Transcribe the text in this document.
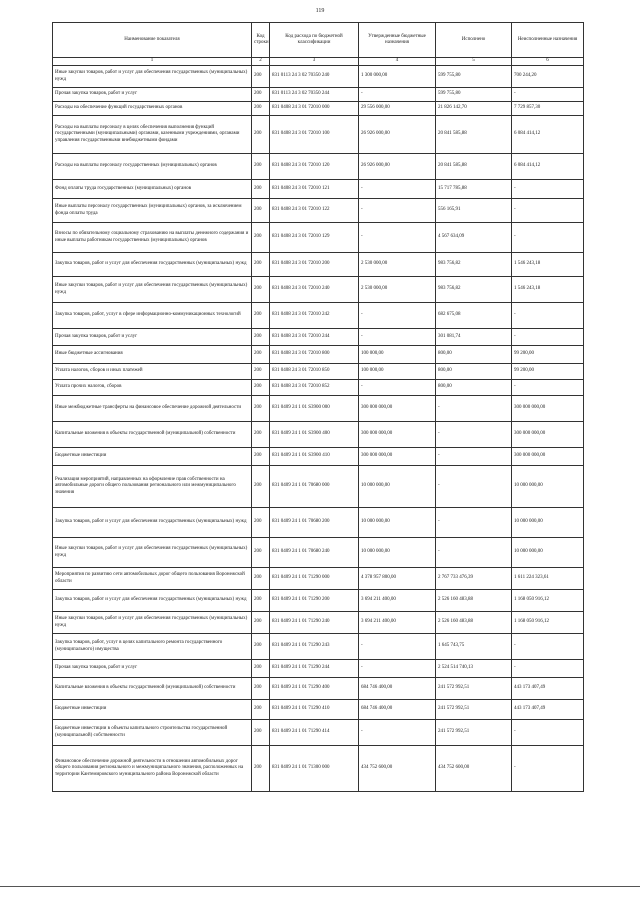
119
Наименование показателя	Код строки	Код расхода по бюджетной классификации	Утвержденные бюджетные назначения	Исполнено	Неисполненные назначения
1	2	3	4	5	6
Иные закупки товаров, работ и услуг для обеспечения государственных (муниципальных) нужд	200	831 0113 24 3 02 70350 240	1 300 000,00	599 755,80	700 244,20
Прочая закупка товаров, работ и услуг	200	831 0113 24 3 02 70350 244	-	599 755,80	-
Расходы на обеспечение функций государственных органов	200	831 0408 24 3 01 72010 000	29 556 000,00	21 826 142,70	7 729 857,30
Расходы на выплаты персоналу в целях обеспечения выполнения функций государственными (муниципальными) органами, казенными учреждениями, органами управления государственными внебюджетными фондами	200	831 0408 24 3 01 72010 100	26 926 000,00	20 841 585,88	6 084 414,12
Расходы на выплаты персоналу государственных (муниципальных) органов	200	831 0408 24 3 01 72010 120	26 926 000,00	20 841 585,88	6 084 414,12
Фонд оплаты труда государственных (муниципальных) органов	200	831 0408 24 3 01 72010 121	-	15 717 785,88	-
Иные выплаты персоналу государственных (муниципальных) органов, за исключением фонда оплаты труда	200	831 0408 24 3 01 72010 122	-	556 165,91	-
Взносы по обязательному социальному страхованию на выплаты денежного содержания и иные выплаты работникам государственных (муниципальных) органов	200	831 0408 24 3 01 72010 129	-	4 567 634,09	-
Закупка товаров, работ и услуг для обеспечения государственных (муниципальных) нужд	200	831 0408 24 3 01 72010 200	2 530 000,00	983 756,82	1 546 243,18
Иные закупки товаров, работ и услуг для обеспечения государственных (муниципальных) нужд	200	831 0408 24 3 01 72010 240	2 530 000,00	983 756,82	1 546 243,18
Закупка товаров, работ, услуг в сфере информационно-коммуникационных технологий	200	831 0408 24 3 01 72010 242	-	682 675,08	-
Прочая закупка товаров, работ и услуг	200	831 0408 24 3 01 72010 244	-	301 081,74	-
Иные бюджетные ассигнования	200	831 0408 24 3 01 72010 800	100 000,00	800,00	99 200,00
Уплата налогов, сборов и иных платежей	200	831 0408 24 3 01 72010 850	100 000,00	800,00	99 200,00
Уплата прочих налогов, сборов	200	831 0408 24 3 01 72010 852	-	800,00	-
Иные межбюджетные трансферты на финансовое обеспечение дорожной деятельности	200	831 0409 24 1 01 S3900 000	300 000 000,00	-	300 000 000,00
Капитальные вложения в объекты государственной (муниципальной) собственности	200	831 0409 24 1 01 S3900 400	300 000 000,00	-	300 000 000,00
Бюджетные инвестиции	200	831 0409 24 1 01 S3900 410	300 000 000,00	-	300 000 000,00
Реализация мероприятий, направленных на оформление прав собственности на автомобильные дороги общего пользования регионального или межмуниципального значения	200	831 0409 24 1 01 70680 000	10 000 000,00	-	10 000 000,00
Закупка товаров, работ и услуг для обеспечения государственных (муниципальных) нужд	200	831 0409 24 1 01 70680 200	10 000 000,00	-	10 000 000,00
Иные закупки товаров, работ и услуг для обеспечения государственных (муниципальных) нужд	200	831 0409 24 1 01 70680 240	10 000 000,00	-	10 000 000,00
Мероприятия по развитию сети автомобильных дорог общего пользования Воронежской области	200	831 0409 24 1 01 71290 000	4 378 957 800,00	2 767 733 476,39	1 611 224 323,61
Закупка товаров, работ и услуг для обеспечения государственных (муниципальных) нужд	200	831 0409 24 1 01 71290 200	3 694 211 400,00	2 526 160 483,88	1 168 050 916,12
Иные закупки товаров, работ и услуг для обеспечения государственных (муниципальных) нужд	200	831 0409 24 1 01 71290 240	3 694 211 400,00	2 526 160 483,88	1 168 050 916,12
Закупка товаров, работ, услуг в целях капитального ремонта государственного (муниципального) имущества	200	831 0409 24 1 01 71290 243	-	1 645 743,75	-
Прочая закупка товаров, работ и услуг	200	831 0409 24 1 01 71290 244	-	2 524 514 740,13	-
Капитальные вложения в объекты государственной (муниципальной) собственности	200	831 0409 24 1 01 71290 400	684 746 400,00	241 572 992,51	443 173 407,49
Бюджетные инвестиции	200	831 0409 24 1 01 71290 410	684 746 400,00	241 572 992,51	443 173 407,49
Бюджетные инвестиции в объекты капитального строительства государственной (муниципальной) собственности	200	831 0409 24 1 01 71290 414	-	241 572 992,51	-
Финансовое обеспечение дорожной деятельности в отношении автомобильных дорог общего пользования регионального и межмуниципального значения, расположенных на территории Кантемировского муниципального района Воронежской области	200	831 0409 24 1 01 71300 000	434 752 600,00	434 752 600,00	-
